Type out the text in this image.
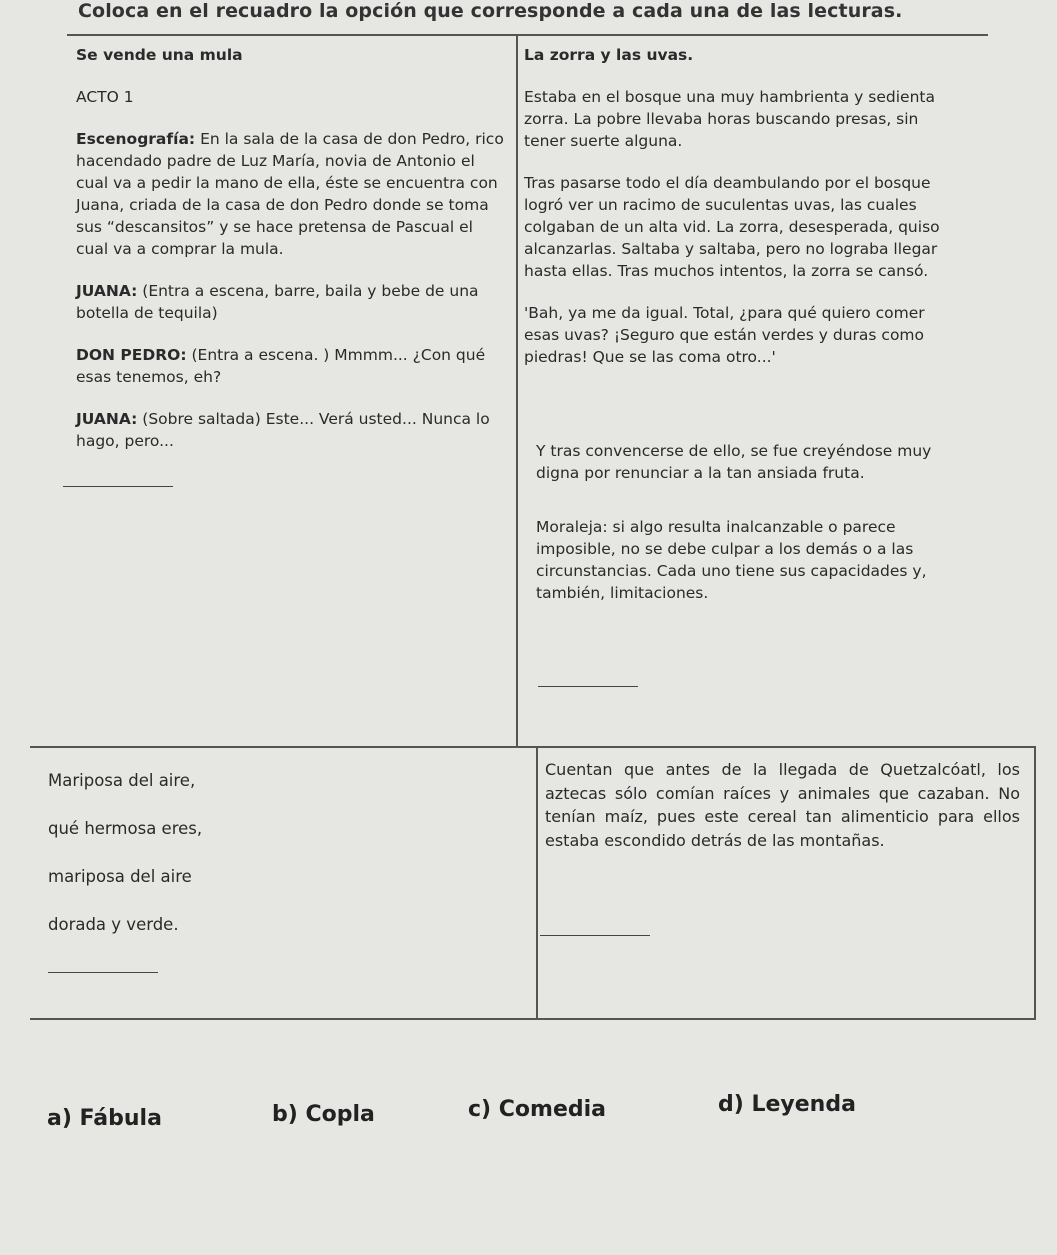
Coloca en el recuadro la opción que corresponde a cada una de las lecturas.

Se vende una mula

ACTO 1

Escenografía: En la sala de la casa de don Pedro, rico hacendado padre de Luz María, novia de Antonio el cual va a pedir la mano de ella, éste se encuentra con Juana, criada de la casa de don Pedro donde se toma sus “descansitos” y se hace pretensa de Pascual el cual va a comprar la mula.

JUANA: (Entra a escena, barre, baila y bebe de una botella de tequila)

DON PEDRO: (Entra a escena. ) Mmmm... ¿Con qué esas tenemos, eh?

JUANA: (Sobre saltada) Este... Verá usted... Nunca lo hago, pero...

La zorra y las uvas.

Estaba en el bosque una muy hambrienta y sedienta zorra. La pobre llevaba horas buscando presas, sin tener suerte alguna.

Tras pasarse todo el día deambulando por el bosque logró ver un racimo de suculentas uvas, las cuales colgaban de un alta vid. La zorra, desesperada, quiso alcanzarlas. Saltaba y saltaba, pero no lograba llegar hasta ellas. Tras muchos intentos, la zorra se cansó.

'Bah, ya me da igual. Total, ¿para qué quiero comer esas uvas? ¡Seguro que están verdes y duras como piedras! Que se las coma otro...'

Y tras convencerse de ello, se fue creyéndose muy digna por renunciar a la tan ansiada fruta.

Moraleja: si algo resulta inalcanzable o parece imposible, no se debe culpar a los demás o a las circunstancias. Cada uno tiene sus capacidades y, también, limitaciones.

Mariposa del aire,

qué hermosa eres,

mariposa del aire

dorada y verde.

Cuentan que antes de la llegada de Quetzalcóatl, los aztecas sólo comían raíces y animales que cazaban. No tenían maíz, pues este cereal tan alimenticio para ellos estaba escondido detrás de las montañas.

a) Fábula	b) Copla	c) Comedia	d) Leyenda
